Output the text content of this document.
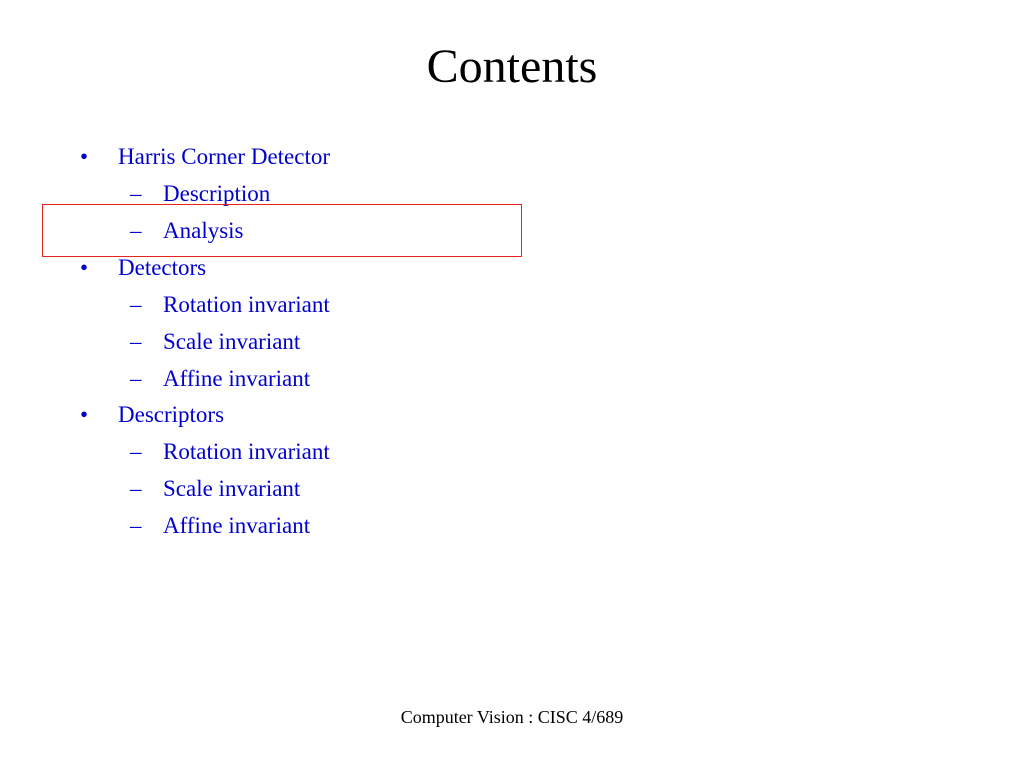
Contents
• Harris Corner Detector
– Description
– Analysis
• Detectors
– Rotation invariant
– Scale invariant
– Affine invariant
• Descriptors
– Rotation invariant
– Scale invariant
– Affine invariant
Computer Vision : CISC 4/689
